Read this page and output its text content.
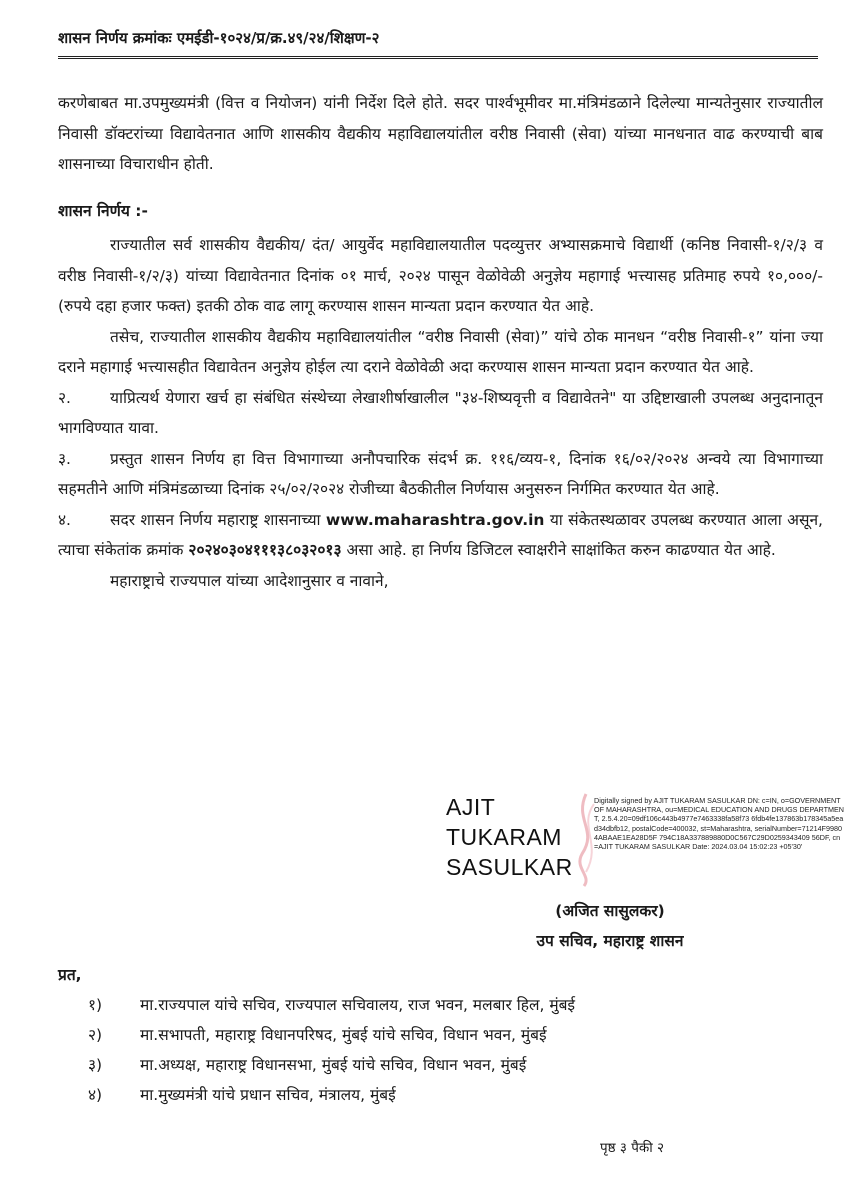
शासन निर्णय क्रमांकः एमईडी-१०२४/प्र/क्र.४९/२४/शिक्षण-२

करणेबाबत मा.उपमुख्यमंत्री (वित्त व नियोजन) यांनी निर्देश दिले होते. सदर पार्श्वभूमीवर मा.मंत्रिमंडळाने दिलेल्या मान्यतेनुसार राज्यातील निवासी डॉक्टरांच्या विद्यावेतनात आणि शासकीय वैद्यकीय महाविद्यालयांतील वरीष्ठ निवासी (सेवा) यांच्या मानधनात वाढ करण्याची बाब शासनाच्या विचाराधीन होती.

शासन निर्णय :-

राज्यातील सर्व शासकीय वैद्यकीय/ दंत/ आयुर्वेद महाविद्यालयातील पदव्युत्तर अभ्यासक्रमाचे विद्यार्थी (कनिष्ठ निवासी-१/२/३ व वरीष्ठ निवासी-१/२/३) यांच्या विद्यावेतनात दिनांक ०१ मार्च, २०२४ पासून वेळोवेळी अनुज्ञेय महागाई भत्त्यासह प्रतिमाह रुपये १०,०००/- (रुपये दहा हजार फक्त) इतकी ठोक वाढ लागू करण्यास शासन मान्यता प्रदान करण्यात येत आहे.

तसेच, राज्यातील शासकीय वैद्यकीय महाविद्यालयांतील “वरीष्ठ निवासी (सेवा)” यांचे ठोक मानधन “वरीष्ठ निवासी-१” यांना ज्या दराने महागाई भत्त्यासहीत विद्यावेतन अनुज्ञेय होईल त्या दराने वेळोवेळी अदा करण्यास शासन मान्यता प्रदान करण्यात येत आहे.

२.	याप्रित्यर्थ येणारा खर्च हा संबंधित संस्थेच्या लेखाशीर्षाखालील "३४-शिष्यवृत्ती व विद्यावेतने" या उद्दिष्टाखाली उपलब्ध अनुदानातून भागविण्यात यावा.

३.	प्रस्तुत शासन निर्णय हा वित्त विभागाच्या अनौपचारिक संदर्भ क्र. ११६/व्यय-१, दिनांक १६/०२/२०२४ अन्वये त्या विभागाच्या सहमतीने आणि मंत्रिमंडळाच्या दिनांक २५/०२/२०२४ रोजीच्या बैठकीतील निर्णयास अनुसरुन निर्गमित करण्यात येत आहे.

४.	सदर शासन निर्णय महाराष्ट्र शासनाच्या www.maharashtra.gov.in या संकेतस्थळावर उपलब्ध करण्यात आला असून, त्याचा संकेतांक क्रमांक २०२४०३०४१११३८०३२०१३ असा आहे. हा निर्णय डिजिटल स्वाक्षरीने साक्षांकित करुन काढण्यात येत आहे.

महाराष्ट्राचे राज्यपाल यांच्या आदेशानुसार व नावाने,

AJIT
TUKARAM
SASULKAR
Digitally signed by AJIT TUKARAM SASULKAR DN: c=IN, o=GOVERNMENT OF MAHARASHTRA, ou=MEDICAL EDUCATION AND DRUGS DEPARTMENT, 2.5.4.20=09df106c443b4977e7463338fa58f73 6fdb4fe137863b178345a5ead34dbfb12, postalCode=400032, st=Maharashtra, serialNumber=71214F99804ABAAE1EA28D5F 794C18A337889880D0C567C29D0259343409 56DF, cn=AJIT TUKARAM SASULKAR Date: 2024.03.04 15:02:23 +05'30'
(अजित सासुलकर)
उप सचिव, महाराष्ट्र शासन
प्रत,
१) मा.राज्यपाल यांचे सचिव, राज्यपाल सचिवालय, राज भवन, मलबार हिल, मुंबई
२) मा.सभापती, महाराष्ट्र विधानपरिषद, मुंबई यांचे सचिव, विधान भवन, मुंबई
३) मा.अध्यक्ष, महाराष्ट्र विधानसभा, मुंबई यांचे सचिव, विधान भवन, मुंबई
४) मा.मुख्यमंत्री यांचे प्रधान सचिव, मंत्रालय, मुंबई
पृष्ठ ३ पैकी २
